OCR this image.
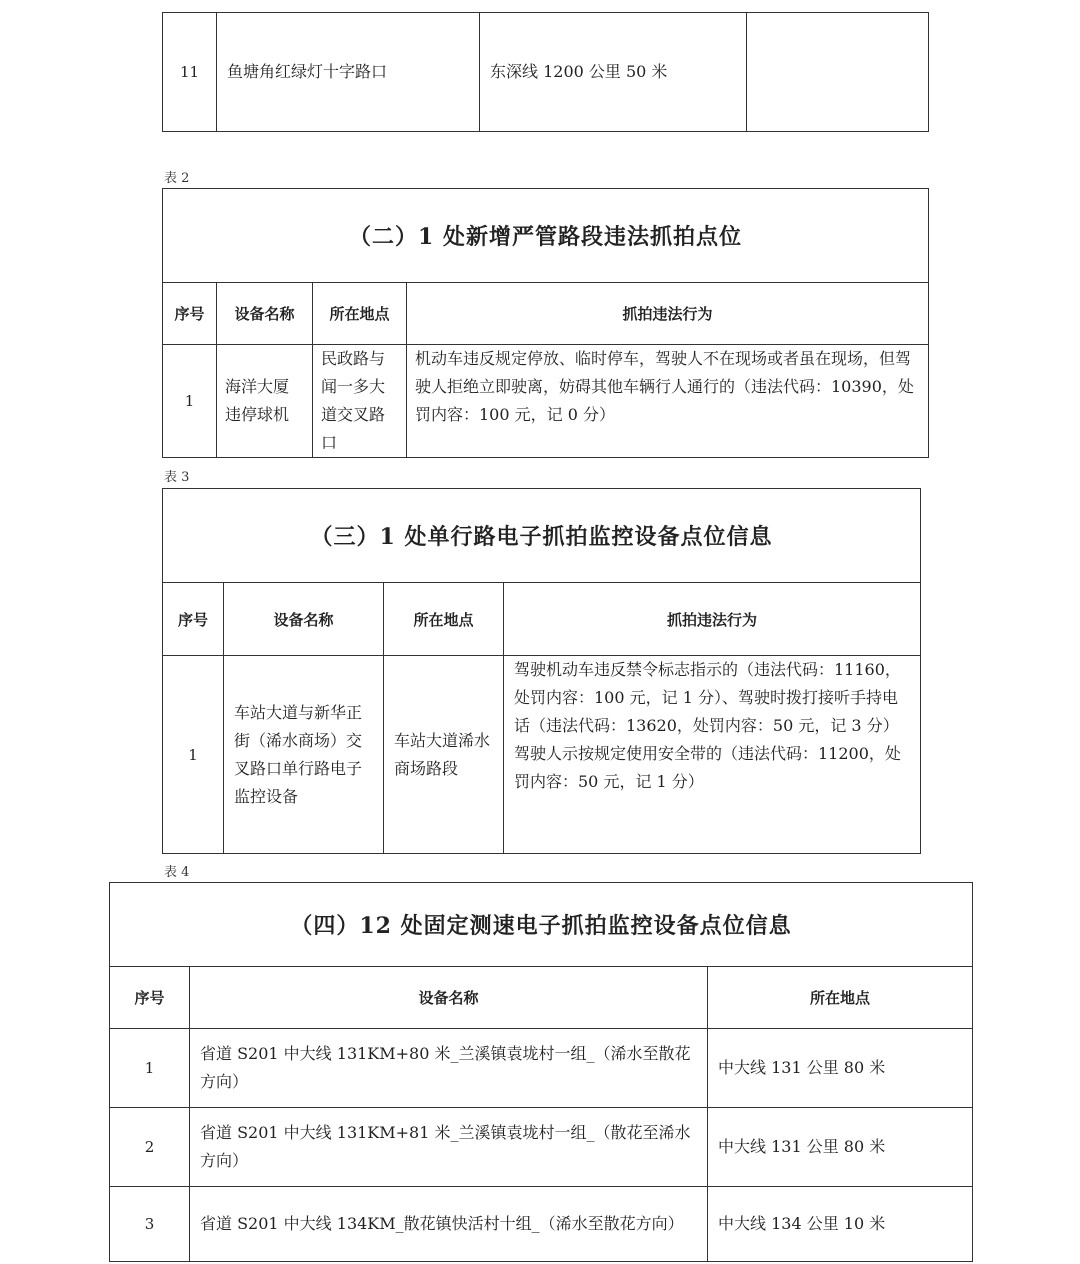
11	鱼塘角红绿灯十字路口	东深线 1200 公里 50 米	
表 2
（二）1 处新增严管路段违法抓拍点位			
序号	设备名称	所在地点	抓拍违法行为
1	海洋大厦违停球机	民政路与闻一多大道交叉路口	机动车违反规定停放、临时停车，驾驶人不在现场或者虽在现场，但驾驶人拒绝立即驶离，妨碍其他车辆行人通行的（违法代码：10390，处罚内容：100 元，记 0 分）
表 3
（三）1 处单行路电子抓拍监控设备点位信息			
序号	设备名称	所在地点	抓拍违法行为
1	车站大道与新华正街（浠水商场）交叉路口单行路电子监控设备	车站大道浠水商场路段	驾驶机动车违反禁令标志指示的（违法代码：11160，处罚内容：100 元，记 1 分）、驾驶时拨打接听手持电话（违法代码：13620，处罚内容：50 元，记 3 分）驾驶人示按规定使用安全带的（违法代码：11200，处罚内容：50 元，记 1 分）
表 4
（四）12 处固定测速电子抓拍监控设备点位信息		
序号	设备名称	所在地点
1	省道 S201 中大线 131KM+80 米_兰溪镇袁垅村一组_（浠水至散花方向）	中大线 131 公里 80 米
2	省道 S201 中大线 131KM+81 米_兰溪镇袁垅村一组_（散花至浠水方向）	中大线 131 公里 80 米
3	省道 S201 中大线 134KM_散花镇快活村十组_（浠水至散花方向）	中大线 134 公里 10 米
